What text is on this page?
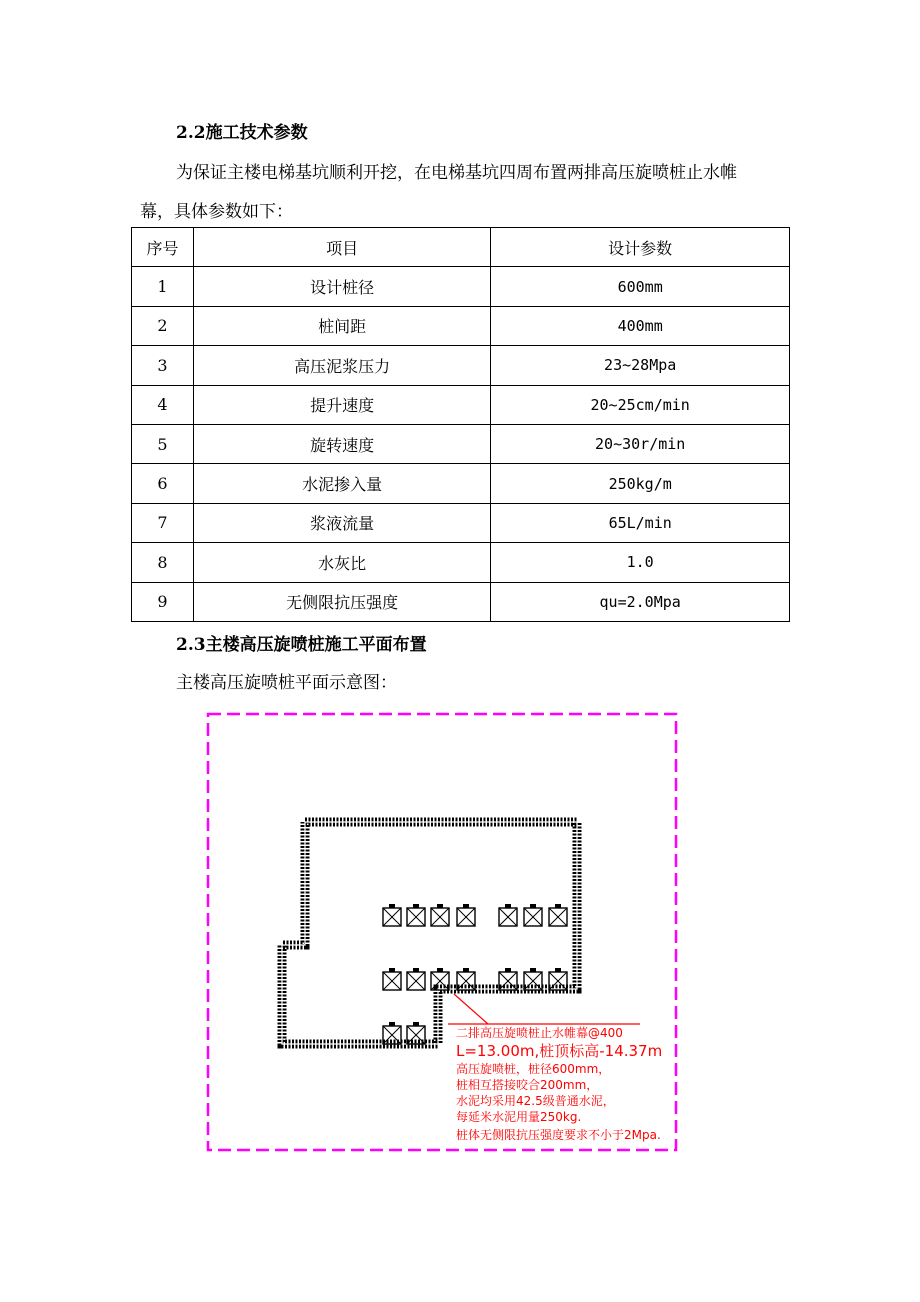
2.2施工技术参数
为保证主楼电梯基坑顺利开挖，在电梯基坑四周布置两排高压旋喷桩止水帷
幕，具体参数如下：
序号	项目	设计参数
1	设计桩径	600mm
2	桩间距	400mm
3	高压泥浆压力	23~28Mpa
4	提升速度	20~25cm/min
5	旋转速度	20~30r/min
6	水泥掺入量	250kg/m
7	浆液流量	65L/min
8	水灰比	1.0
9	无侧限抗压强度	qu=2.0Mpa
2.3主楼高压旋喷桩施工平面布置
主楼高压旋喷桩平面示意图：
二排高压旋喷桩止水帷幕@400
L=13.00m,桩顶标高-14.37m
高压旋喷桩，桩径600mm，
桩相互搭接咬合200mm，
水泥均采用42.5级普通水泥，
每延米水泥用量250kg.
桩体无侧限抗压强度要求不小于2Mpa.
